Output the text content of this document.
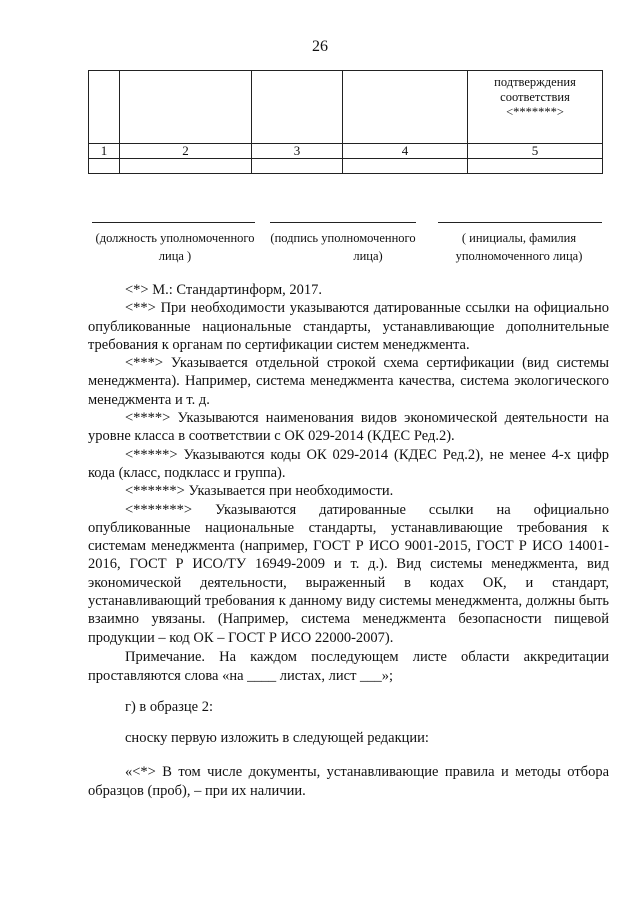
26

				подтверждения соответствия <*******>

1	2	3	4	5

(должность уполномоченного
лица )
(подпись уполномоченного
лица)
( инициалы, фамилия
уполномоченного лица)

<*> М.: Стандартинформ, 2017.

<**> При необходимости указываются датированные ссылки на официально опубликованные национальные стандарты, устанавливающие дополнительные требования к органам по сертификации систем менеджмента.

<***> Указывается отдельной строкой схема сертификации (вид системы менеджмента). Например, система менеджмента качества, система экологического менеджмента и т. д.

<****> Указываются наименования видов экономической деятельности на уровне класса в соответствии с ОК 029-2014 (КДЕС Ред.2).

<*****> Указываются коды ОК 029-2014 (КДЕС Ред.2), не менее 4-х цифр кода (класс, подкласс и группа).

<******> Указывается при необходимости.

<*******> Указываются датированные ссылки на официально опубликованные национальные стандарты, устанавливающие требования к системам менеджмента (например, ГОСТ Р ИСО 9001-2015, ГОСТ Р ИСО 14001-2016, ГОСТ Р ИСО/ТУ 16949-2009 и т. д.). Вид системы менеджмента, вид экономической деятельности, выраженный в кодах ОК, и стандарт, устанавливающий требования к данному виду системы менеджмента, должны быть взаимно увязаны. (Например, система менеджмента безопасности пищевой продукции – код ОК – ГОСТ Р ИСО 22000-2007).

Примечание. На каждом последующем листе области аккредитации проставляются слова «на ____ листах, лист ___»;

г) в образце 2:

сноску первую изложить в следующей редакции:

«<*> В том числе документы, устанавливающие правила и методы отбора образцов (проб), – при их наличии.
